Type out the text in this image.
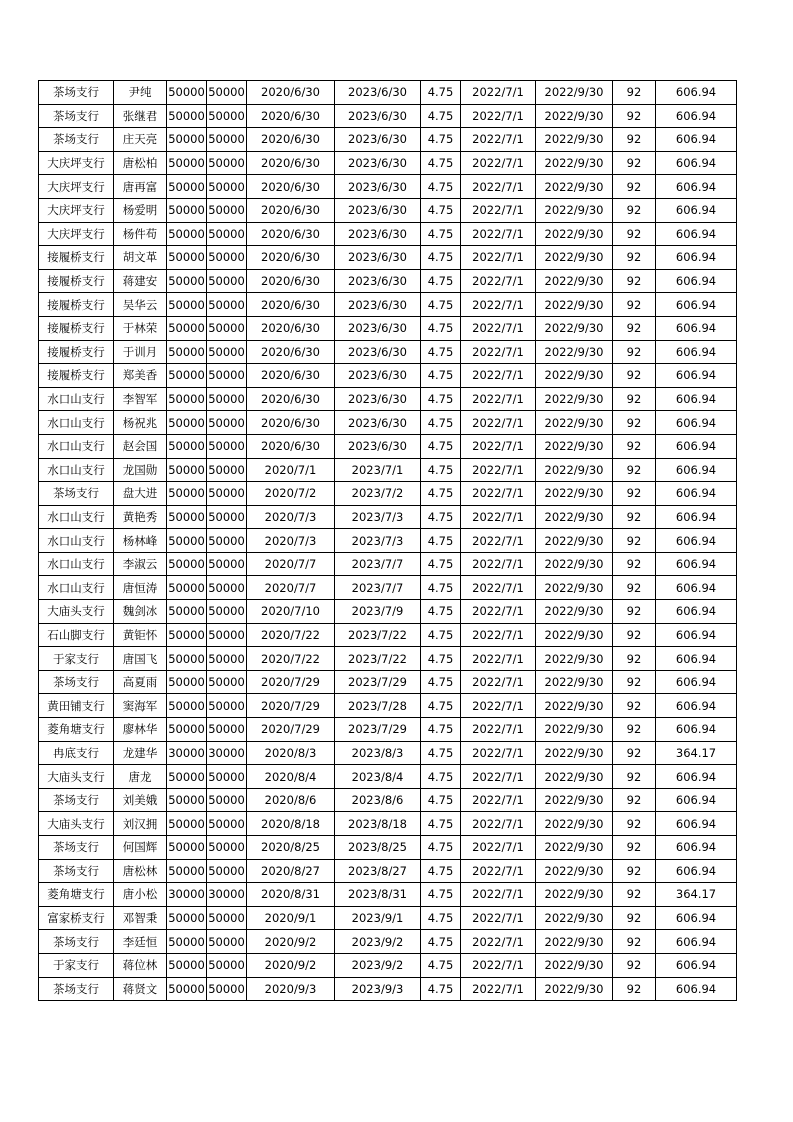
茶场支行	尹纯	50000	50000	2020/6/30	2023/6/30	4.75	2022/7/1	2022/9/30	92	606.94
茶场支行	张继君	50000	50000	2020/6/30	2023/6/30	4.75	2022/7/1	2022/9/30	92	606.94
茶场支行	庄天亮	50000	50000	2020/6/30	2023/6/30	4.75	2022/7/1	2022/9/30	92	606.94
大庆坪支行	唐松柏	50000	50000	2020/6/30	2023/6/30	4.75	2022/7/1	2022/9/30	92	606.94
大庆坪支行	唐再富	50000	50000	2020/6/30	2023/6/30	4.75	2022/7/1	2022/9/30	92	606.94
大庆坪支行	杨爱明	50000	50000	2020/6/30	2023/6/30	4.75	2022/7/1	2022/9/30	92	606.94
大庆坪支行	杨件苟	50000	50000	2020/6/30	2023/6/30	4.75	2022/7/1	2022/9/30	92	606.94
接履桥支行	胡文革	50000	50000	2020/6/30	2023/6/30	4.75	2022/7/1	2022/9/30	92	606.94
接履桥支行	蒋建安	50000	50000	2020/6/30	2023/6/30	4.75	2022/7/1	2022/9/30	92	606.94
接履桥支行	吴华云	50000	50000	2020/6/30	2023/6/30	4.75	2022/7/1	2022/9/30	92	606.94
接履桥支行	于林荣	50000	50000	2020/6/30	2023/6/30	4.75	2022/7/1	2022/9/30	92	606.94
接履桥支行	于训月	50000	50000	2020/6/30	2023/6/30	4.75	2022/7/1	2022/9/30	92	606.94
接履桥支行	郑美香	50000	50000	2020/6/30	2023/6/30	4.75	2022/7/1	2022/9/30	92	606.94
水口山支行	李智军	50000	50000	2020/6/30	2023/6/30	4.75	2022/7/1	2022/9/30	92	606.94
水口山支行	杨祝兆	50000	50000	2020/6/30	2023/6/30	4.75	2022/7/1	2022/9/30	92	606.94
水口山支行	赵会国	50000	50000	2020/6/30	2023/6/30	4.75	2022/7/1	2022/9/30	92	606.94
水口山支行	龙国勋	50000	50000	2020/7/1	2023/7/1	4.75	2022/7/1	2022/9/30	92	606.94
茶场支行	盘大进	50000	50000	2020/7/2	2023/7/2	4.75	2022/7/1	2022/9/30	92	606.94
水口山支行	黄艳秀	50000	50000	2020/7/3	2023/7/3	4.75	2022/7/1	2022/9/30	92	606.94
水口山支行	杨林峰	50000	50000	2020/7/3	2023/7/3	4.75	2022/7/1	2022/9/30	92	606.94
水口山支行	李淑云	50000	50000	2020/7/7	2023/7/7	4.75	2022/7/1	2022/9/30	92	606.94
水口山支行	唐恒涛	50000	50000	2020/7/7	2023/7/7	4.75	2022/7/1	2022/9/30	92	606.94
大庙头支行	魏剑冰	50000	50000	2020/7/10	2023/7/9	4.75	2022/7/1	2022/9/30	92	606.94
石山脚支行	黄钜怀	50000	50000	2020/7/22	2023/7/22	4.75	2022/7/1	2022/9/30	92	606.94
于家支行	唐国飞	50000	50000	2020/7/22	2023/7/22	4.75	2022/7/1	2022/9/30	92	606.94
茶场支行	高夏雨	50000	50000	2020/7/29	2023/7/29	4.75	2022/7/1	2022/9/30	92	606.94
黄田铺支行	窦海军	50000	50000	2020/7/29	2023/7/28	4.75	2022/7/1	2022/9/30	92	606.94
菱角塘支行	廖林华	50000	50000	2020/7/29	2023/7/29	4.75	2022/7/1	2022/9/30	92	606.94
冉底支行	龙建华	30000	30000	2020/8/3	2023/8/3	4.75	2022/7/1	2022/9/30	92	364.17
大庙头支行	唐龙	50000	50000	2020/8/4	2023/8/4	4.75	2022/7/1	2022/9/30	92	606.94
茶场支行	刘美娥	50000	50000	2020/8/6	2023/8/6	4.75	2022/7/1	2022/9/30	92	606.94
大庙头支行	刘汉拥	50000	50000	2020/8/18	2023/8/18	4.75	2022/7/1	2022/9/30	92	606.94
茶场支行	何国辉	50000	50000	2020/8/25	2023/8/25	4.75	2022/7/1	2022/9/30	92	606.94
茶场支行	唐松林	50000	50000	2020/8/27	2023/8/27	4.75	2022/7/1	2022/9/30	92	606.94
菱角塘支行	唐小松	30000	30000	2020/8/31	2023/8/31	4.75	2022/7/1	2022/9/30	92	364.17
富家桥支行	邓智秉	50000	50000	2020/9/1	2023/9/1	4.75	2022/7/1	2022/9/30	92	606.94
茶场支行	李廷恒	50000	50000	2020/9/2	2023/9/2	4.75	2022/7/1	2022/9/30	92	606.94
于家支行	蒋位林	50000	50000	2020/9/2	2023/9/2	4.75	2022/7/1	2022/9/30	92	606.94
茶场支行	蒋贤文	50000	50000	2020/9/3	2023/9/3	4.75	2022/7/1	2022/9/30	92	606.94
